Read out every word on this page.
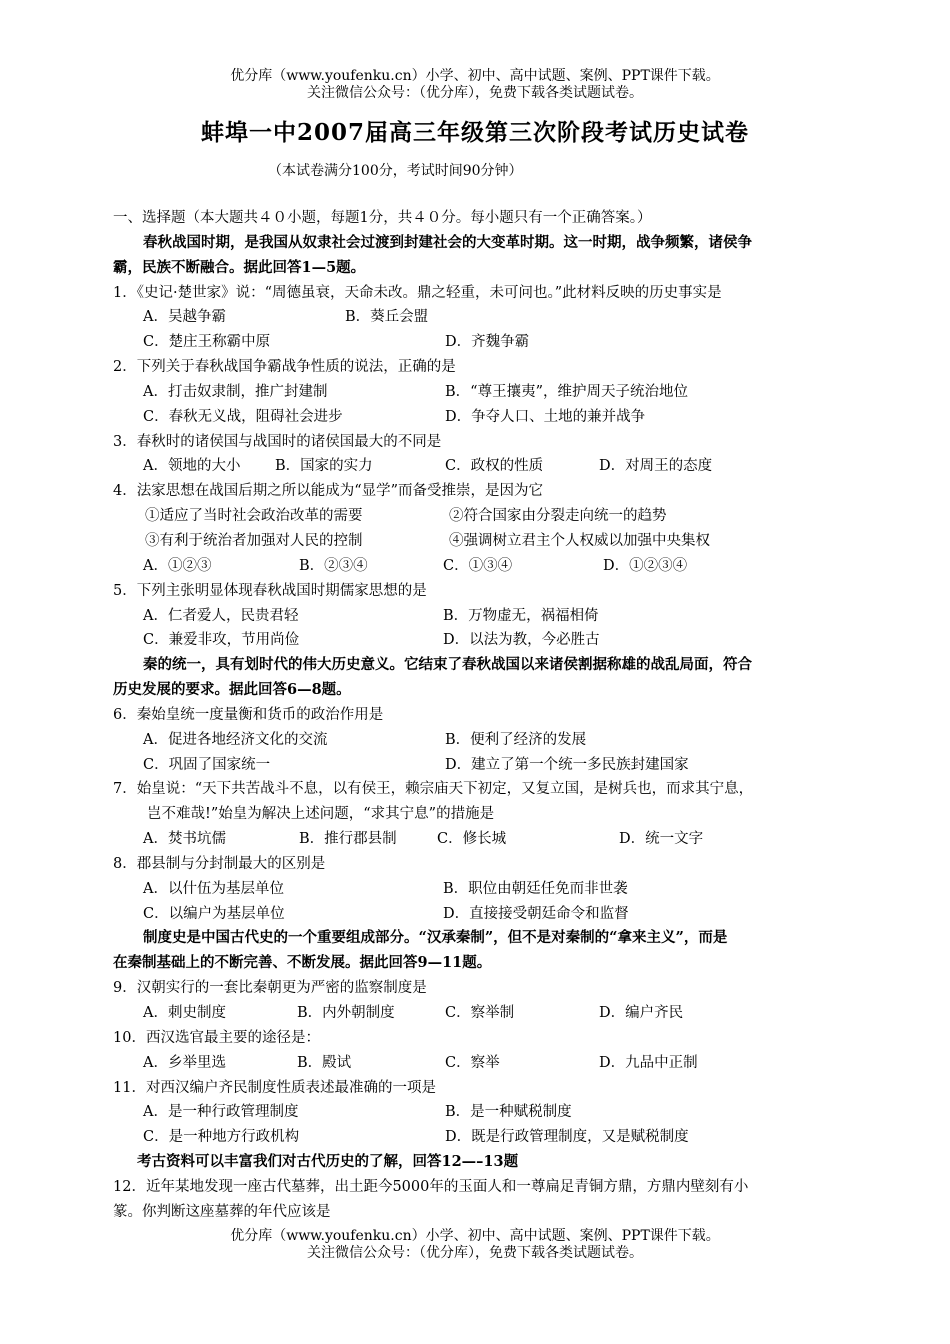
优分库（www.youfenku.cn）小学、初中、高中试题、案例、PPT课件下载。
关注微信公众号：（优分库），免费下载各类试题试卷。
蚌埠一中2007届高三年级第三次阶段考试历史试卷
（本试卷满分100分，考试时间90分钟）
一、选择题（本大题共４０小题，每题1分，共４０分。每小题只有一个正确答案。）
春秋战国时期，是我国从奴隶社会过渡到封建社会的大变革时期。这一时期，战争频繁，诸侯争
霸，民族不断融合。据此回答1—5题。
1．《史记·楚世家》说：“周德虽衰，天命未改。鼎之轻重，未可问也。”此材料反映的历史事实是
A．吴越争霸	B．葵丘会盟
C．楚庄王称霸中原	D．齐魏争霸
2．下列关于春秋战国争霸战争性质的说法，正确的是
A．打击奴隶制，推广封建制	B．“尊王攘夷”，维护周天子统治地位
C．春秋无义战，阻碍社会进步	D．争夺人口、土地的兼并战争
3．春秋时的诸侯国与战国时的诸侯国最大的不同是
A．领地的大小 B．国家的实力	C．政权的性质	D．对周王的态度
4．法家思想在战国后期之所以能成为“显学”而备受推崇，是因为它
①适应了当时社会政治改革的需要	②符合国家由分裂走向统一的趋势
③有利于统治者加强对人民的控制	④强调树立君主个人权威以加强中央集权
A．①②③	B．②③④	C．①③④	D．①②③④
5．下列主张明显体现春秋战国时期儒家思想的是
A．仁者爱人，民贵君轻	B．万物虚无，祸福相倚
C．兼爱非攻，节用尚俭	D．以法为教，今必胜古
秦的统一，具有划时代的伟大历史意义。它结束了春秋战国以来诸侯割据称雄的战乱局面，符合
历史发展的要求。据此回答6—8题。
6．秦始皇统一度量衡和货币的政治作用是
A．促进各地经济文化的交流	B．便利了经济的发展
C．巩固了国家统一	D．建立了第一个统一多民族封建国家
7．始皇说：“天下共苦战斗不息，以有侯王，赖宗庙天下初定，又复立国，是树兵也，而求其宁息，
岂不难哉!”始皇为解决上述问题，“求其宁息”的措施是
A．焚书坑儒	B．推行郡县制	C．修长城	D．统一文字
8．郡县制与分封制最大的区别是
A．以什伍为基层单位	B．职位由朝廷任免而非世袭
C．以编户为基层单位	D．直接接受朝廷命令和监督
制度史是中国古代史的一个重要组成部分。“汉承秦制”，但不是对秦制的“拿来主义”，而是
在秦制基础上的不断完善、不断发展。据此回答9—11题。
9．汉朝实行的一套比秦朝更为严密的监察制度是
A．刺史制度	B．内外朝制度	C．察举制	D．编户齐民
10．西汉选官最主要的途径是：
A．乡举里选	B．殿试	C．察举	D．九品中正制
11．对西汉编户齐民制度性质表述最准确的一项是
A．是一种行政管理制度	B．是一种赋税制度
C．是一种地方行政机构	D．既是行政管理制度，又是赋税制度
考古资料可以丰富我们对古代历史的了解，回答12—–13题
12．近年某地发现一座古代墓葬，出土距今5000年的玉面人和一尊扁足青铜方鼎，方鼎内壁刻有小
篆。你判断这座墓葬的年代应该是
优分库（www.youfenku.cn）小学、初中、高中试题、案例、PPT课件下载。
关注微信公众号：（优分库），免费下载各类试题试卷。
